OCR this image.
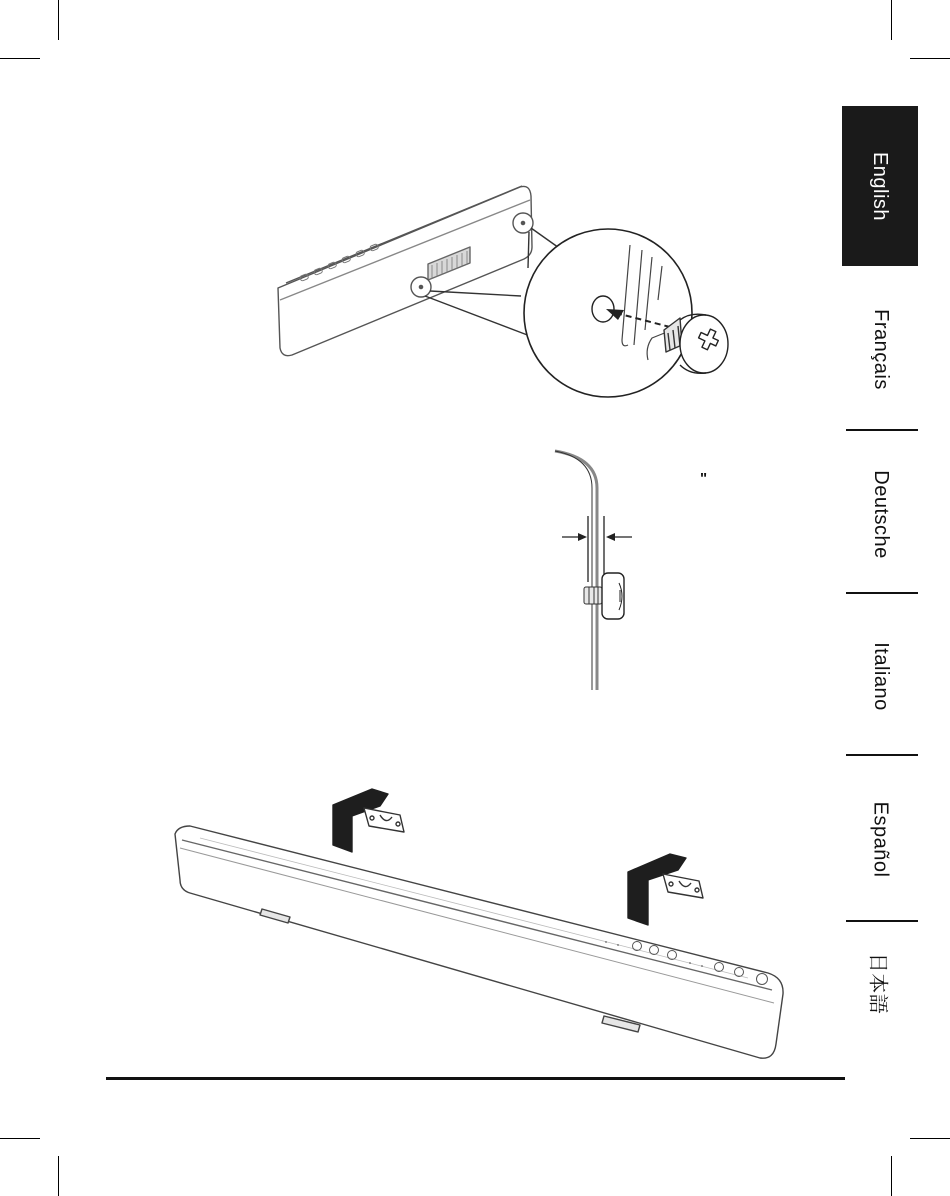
"
English
Français
Deutsche
Italiano
Español
日本語
